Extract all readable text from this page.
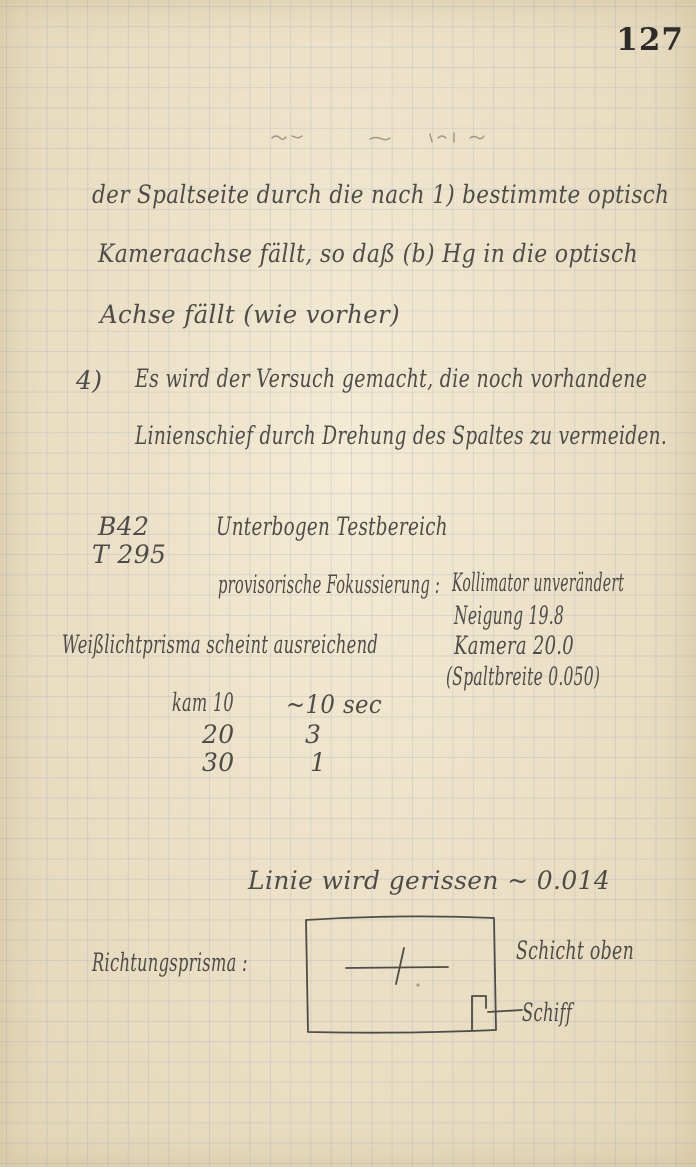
127
der Spaltseite durch die nach 1) bestimmte optisch
Kameraachse fällt, so daß (b) Hg in die optisch
Achse fällt (wie vorher)
4) Es wird der Versuch gemacht, die noch vorhandene
Linienschief durch Drehung des Spaltes zu vermeiden.
B42
T 295
Unterbogen Testbereich
provisorische Fokussierung : Kollimator unverändert
Neigung 19.8
Kamera 20.0
(Spaltbreite 0.050)
Weißlichtprisma scheint ausreichend
kam 10 ~10 sec
20	3
30	1
Linie wird gerissen ~ 0.014
Richtungsprisma :	Schicht oben
Schiff
